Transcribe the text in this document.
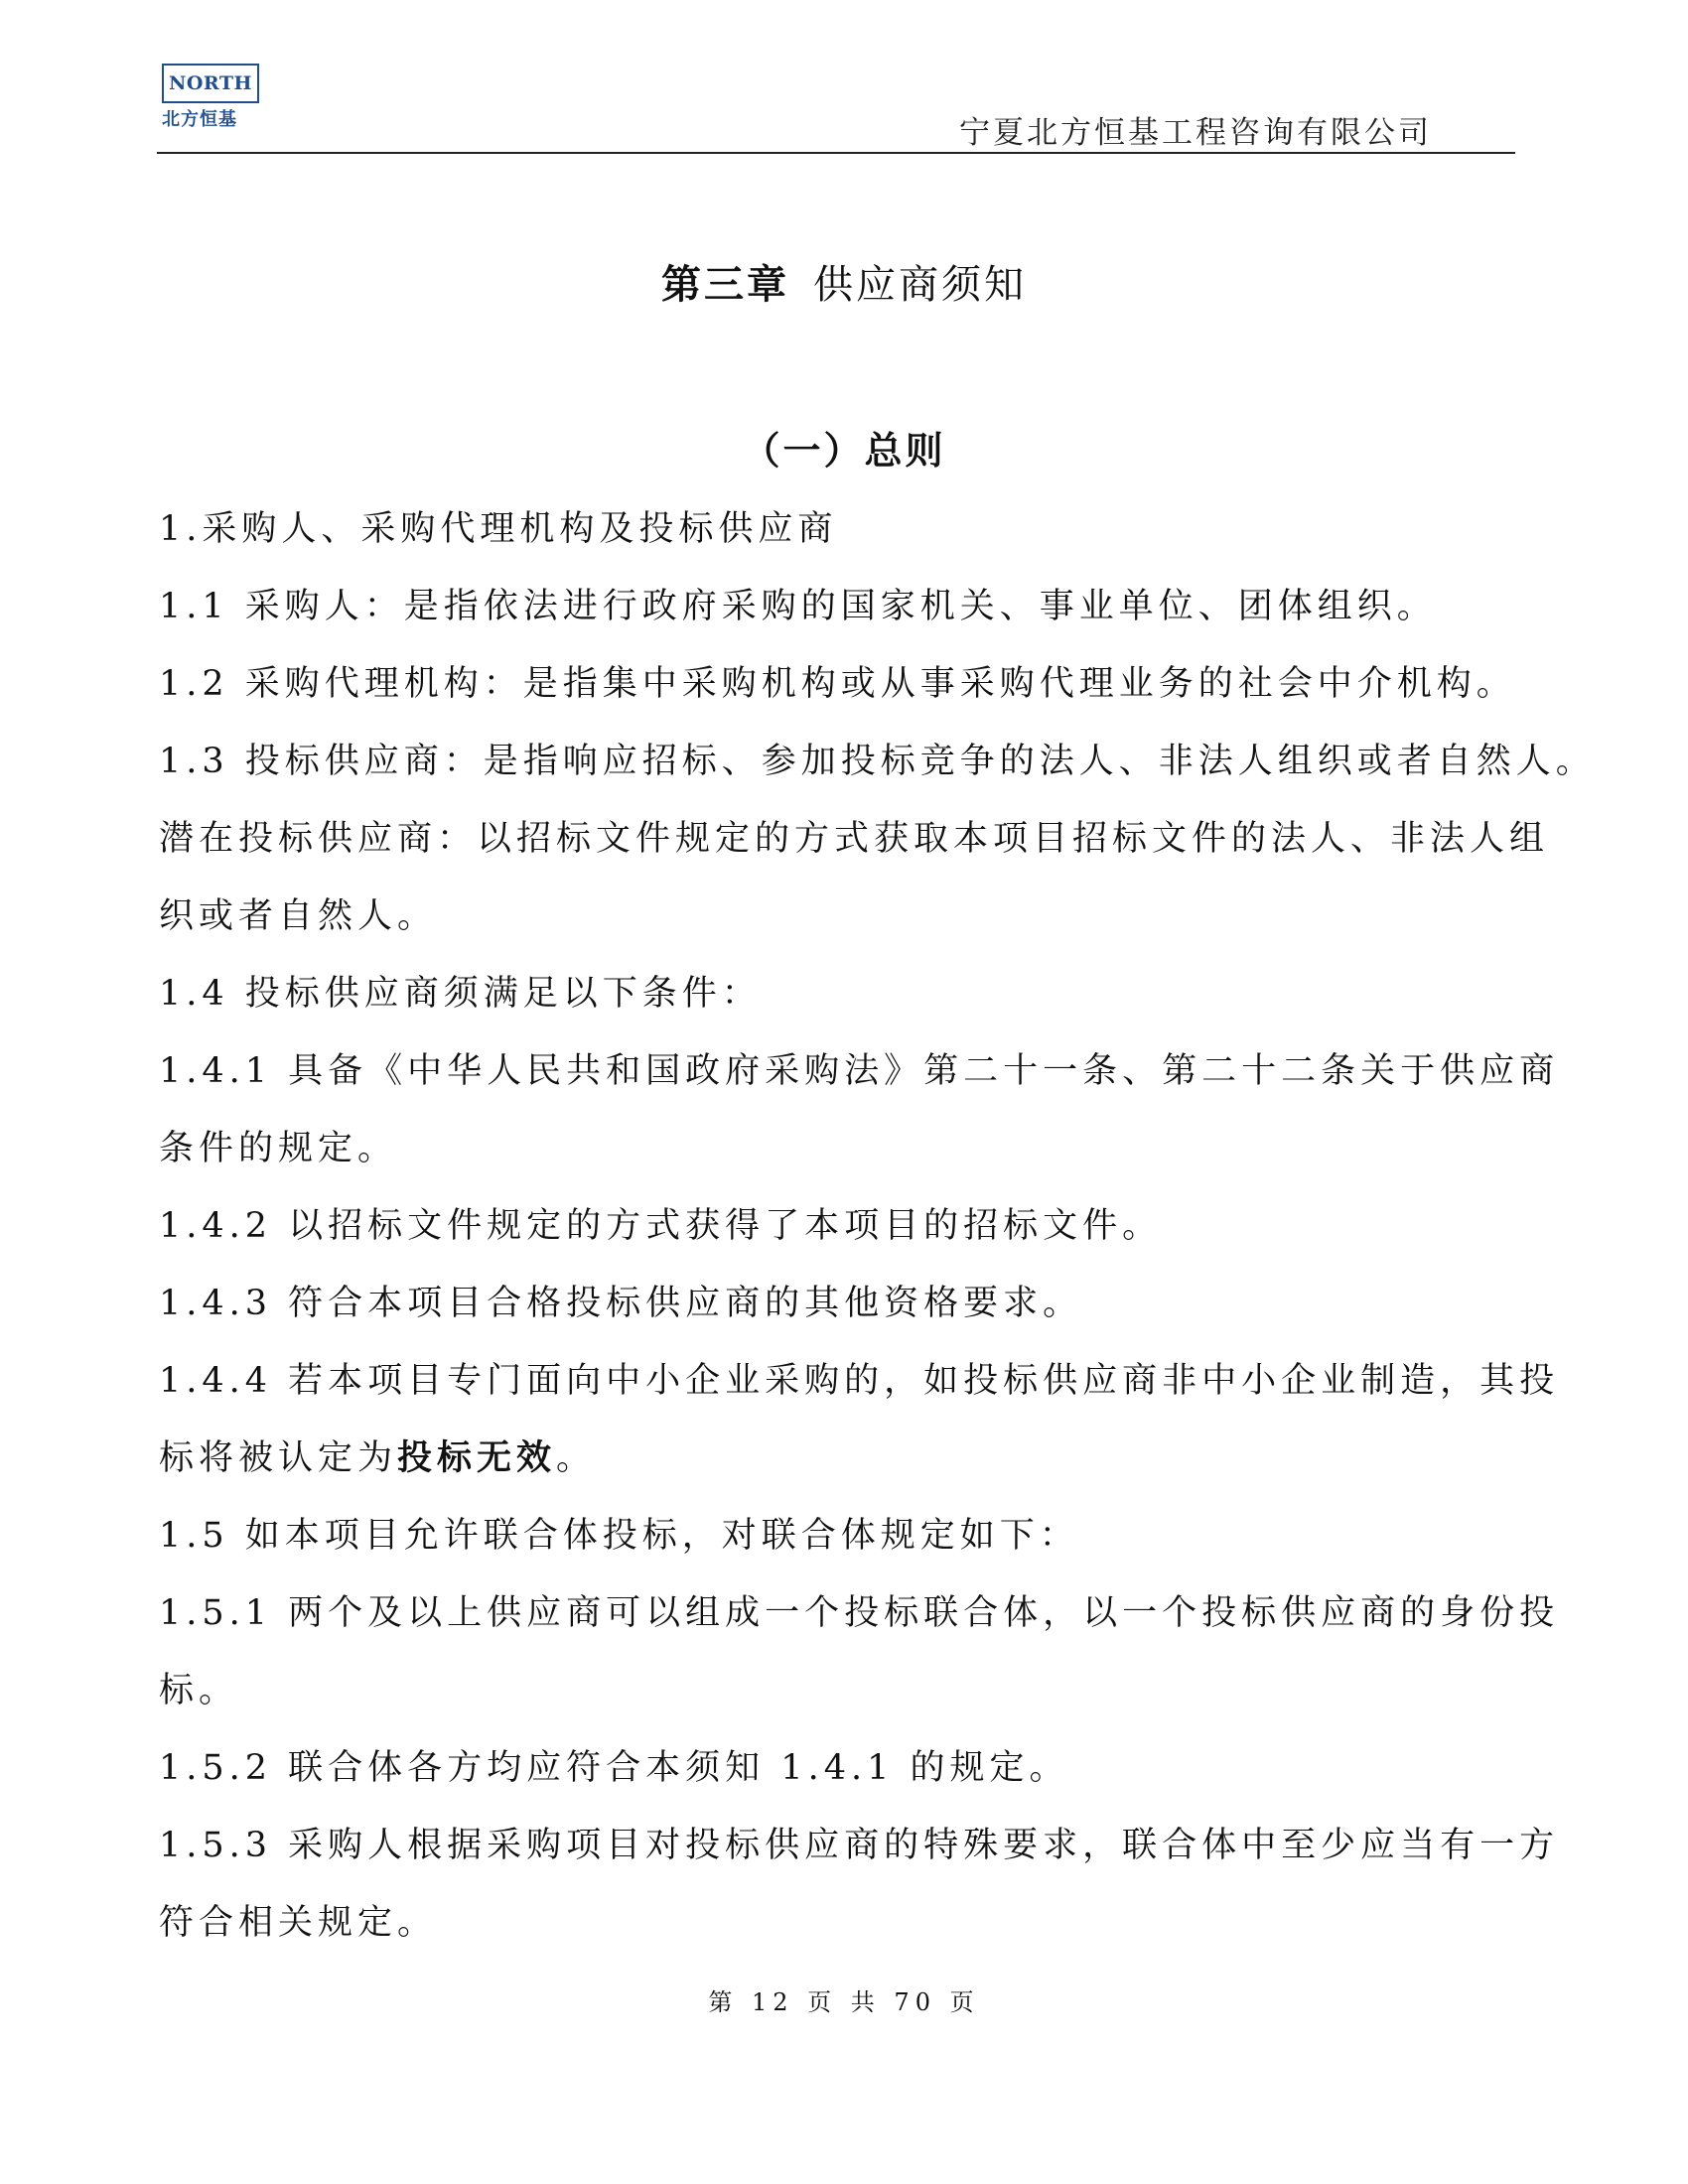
NORTH
北方恒基	宁夏北方恒基工程咨询有限公司
第三章 供应商须知
（一）总则

1.采购人、采购代理机构及投标供应商

1.1 采购人：是指依法进行政府采购的国家机关、事业单位、团体组织。

1.2 采购代理机构：是指集中采购机构或从事采购代理业务的社会中介机构。

1.3 投标供应商：是指响应招标、参加投标竞争的法人、非法人组织或者自然人。

潜在投标供应商：以招标文件规定的方式获取本项目招标文件的法人、非法人组

织或者自然人。

1.4 投标供应商须满足以下条件：

1.4.1 具备《中华人民共和国政府采购法》第二十一条、第二十二条关于供应商

条件的规定。

1.4.2 以招标文件规定的方式获得了本项目的招标文件。

1.4.3 符合本项目合格投标供应商的其他资格要求。

1.4.4 若本项目专门面向中小企业采购的，如投标供应商非中小企业制造，其投

标将被认定为投标无效。

1.5 如本项目允许联合体投标，对联合体规定如下：

1.5.1 两个及以上供应商可以组成一个投标联合体，以一个投标供应商的身份投

标。

1.5.2 联合体各方均应符合本须知 1.4.1 的规定。

1.5.3 采购人根据采购项目对投标供应商的特殊要求，联合体中至少应当有一方

符合相关规定。

第 12 页 共 70 页
